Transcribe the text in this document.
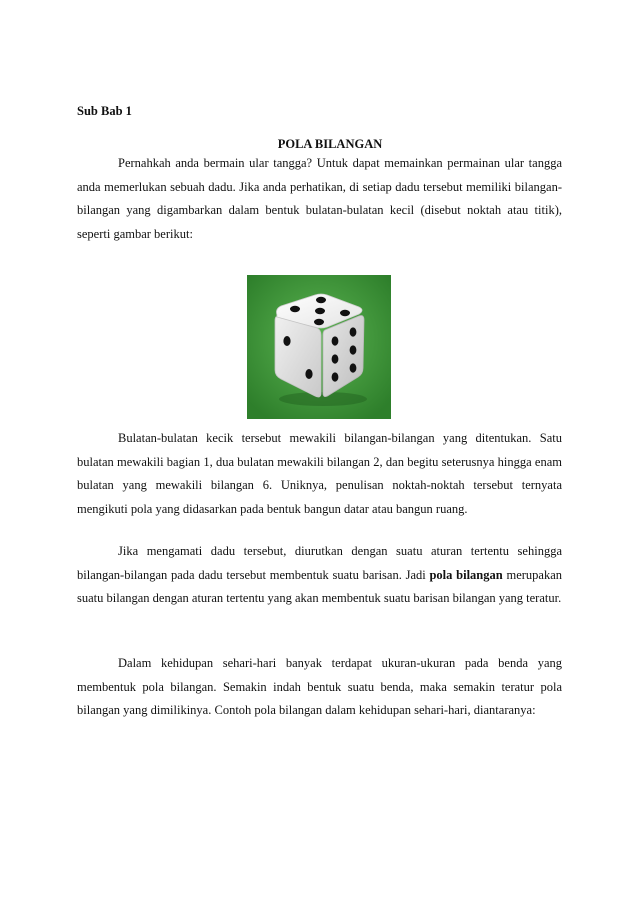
Sub Bab 1

POLA BILANGAN

Pernahkah anda bermain ular tangga? Untuk dapat memainkan permainan ular tangga anda memerlukan sebuah dadu. Jika anda perhatikan, di setiap dadu tersebut memiliki bilangan-bilangan yang digambarkan dalam bentuk bulatan-bulatan kecil (disebut noktah atau titik), seperti gambar berikut:

Bulatan-bulatan kecik tersebut mewakili bilangan-bilangan yang ditentukan. Satu bulatan mewakili bagian 1, dua bulatan mewakili bilangan 2, dan begitu seterusnya hingga enam bulatan yang mewakili bilangan 6. Uniknya, penulisan noktah-noktah tersebut ternyata mengikuti pola yang didasarkan pada bentuk bangun datar atau bangun ruang.

Jika mengamati dadu tersebut, diurutkan dengan suatu aturan tertentu sehingga bilangan-bilangan pada dadu tersebut membentuk suatu barisan. Jadi pola bilangan merupakan suatu bilangan dengan aturan tertentu yang akan membentuk suatu barisan bilangan yang teratur.

Dalam kehidupan sehari-hari banyak terdapat ukuran-ukuran pada benda yang membentuk pola bilangan. Semakin indah bentuk suatu benda, maka semakin teratur pola bilangan yang dimilikinya. Contoh pola bilangan dalam kehidupan sehari-hari, diantaranya:
